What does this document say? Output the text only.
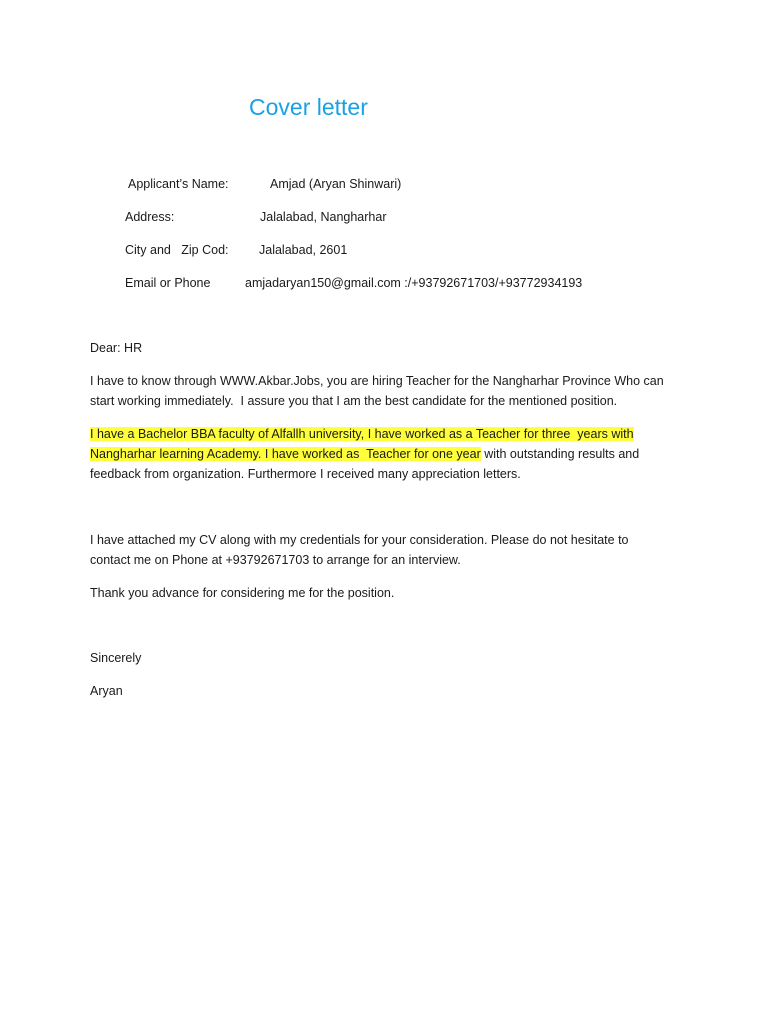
Cover letter
Applicant’s Name:	Amjad (Aryan Shinwari)
Address:	Jalalabad, Nangharhar
City and   Zip Cod: Jalalabad, 2601
Email or Phone	amjadaryan150@gmail.com :/+93792671703/+93772934193
Dear: HR
I have to know through WWW.Akbar.Jobs, you are hiring Teacher for the Nangharhar Province Who can
start working immediately.  I assure you that I am the best candidate for the mentioned position.
I have a Bachelor BBA faculty of Alfallh university, I have worked as a Teacher for three  years with
Nangharhar learning Academy. I have worked as  Teacher for one year with outstanding results and
feedback from organization. Furthermore I received many appreciation letters.
I have attached my CV along with my credentials for your consideration. Please do not hesitate to
contact me on Phone at +93792671703 to arrange for an interview.
Thank you advance for considering me for the position.
Sincerely
Aryan
